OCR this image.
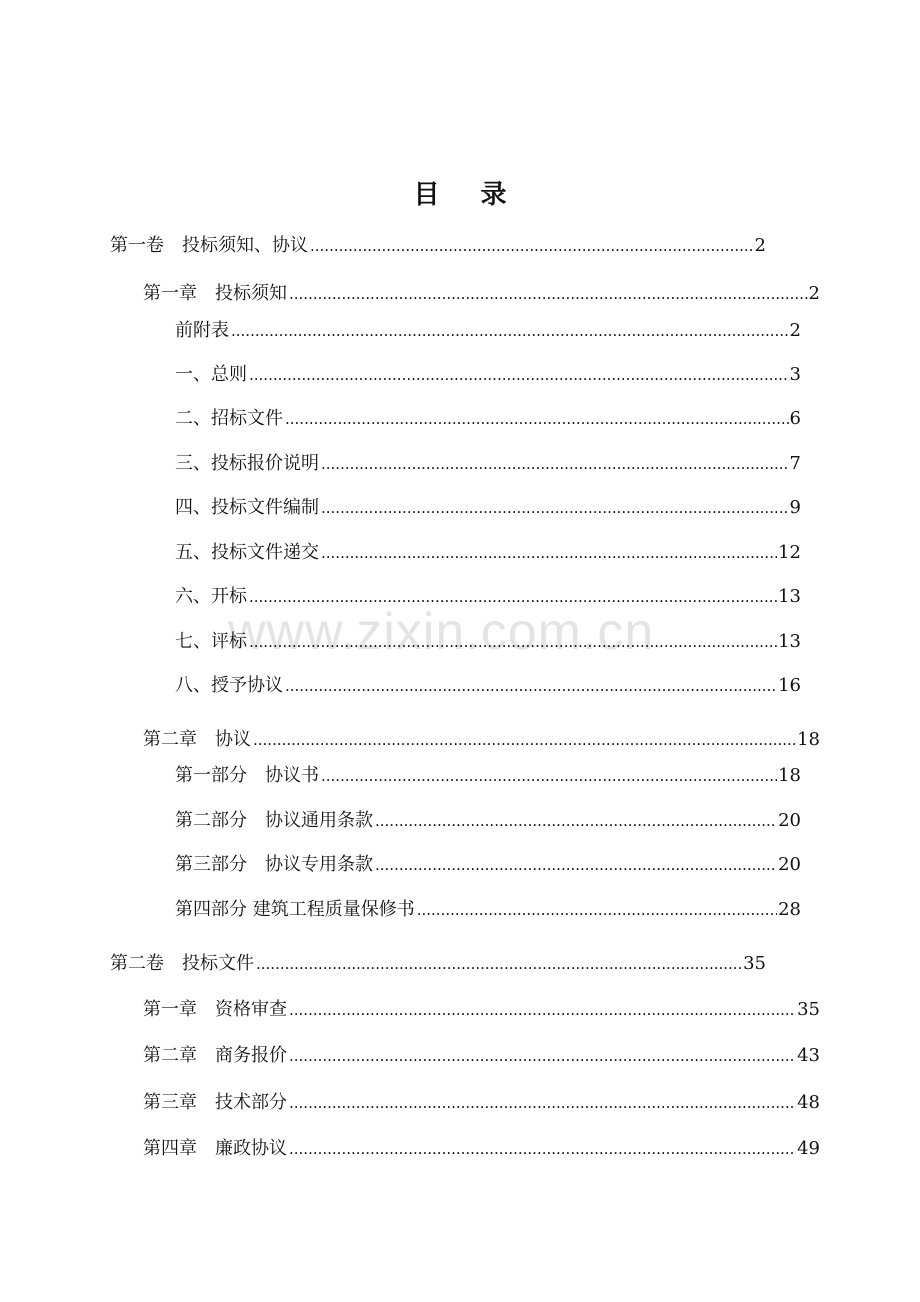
目 录
www.zixin.com.cn
第一卷　投标须知、协议 .....	2
第一章　投标须知 .....	2
前附表 .....	2
一、总则 .....	3
二、招标文件 .....	6
三、投标报价说明 .....	7
四、投标文件编制 .....	9
五、投标文件递交 .....	12
六、开标 .....	13
七、评标 .....	13
八、授予协议 .....	16
第二章　协议 .....	18
第一部分　协议书 .....	18
第二部分　协议通用条款 .....	20
第三部分　协议专用条款 .....	20
第四部分 建筑工程质量保修书 .....	28
第二卷　投标文件 .....	35
第一章　资格审查 .....	35
第二章　商务报价 .....	43
第三章　技术部分 .....	48
第四章　廉政协议 .....	49
